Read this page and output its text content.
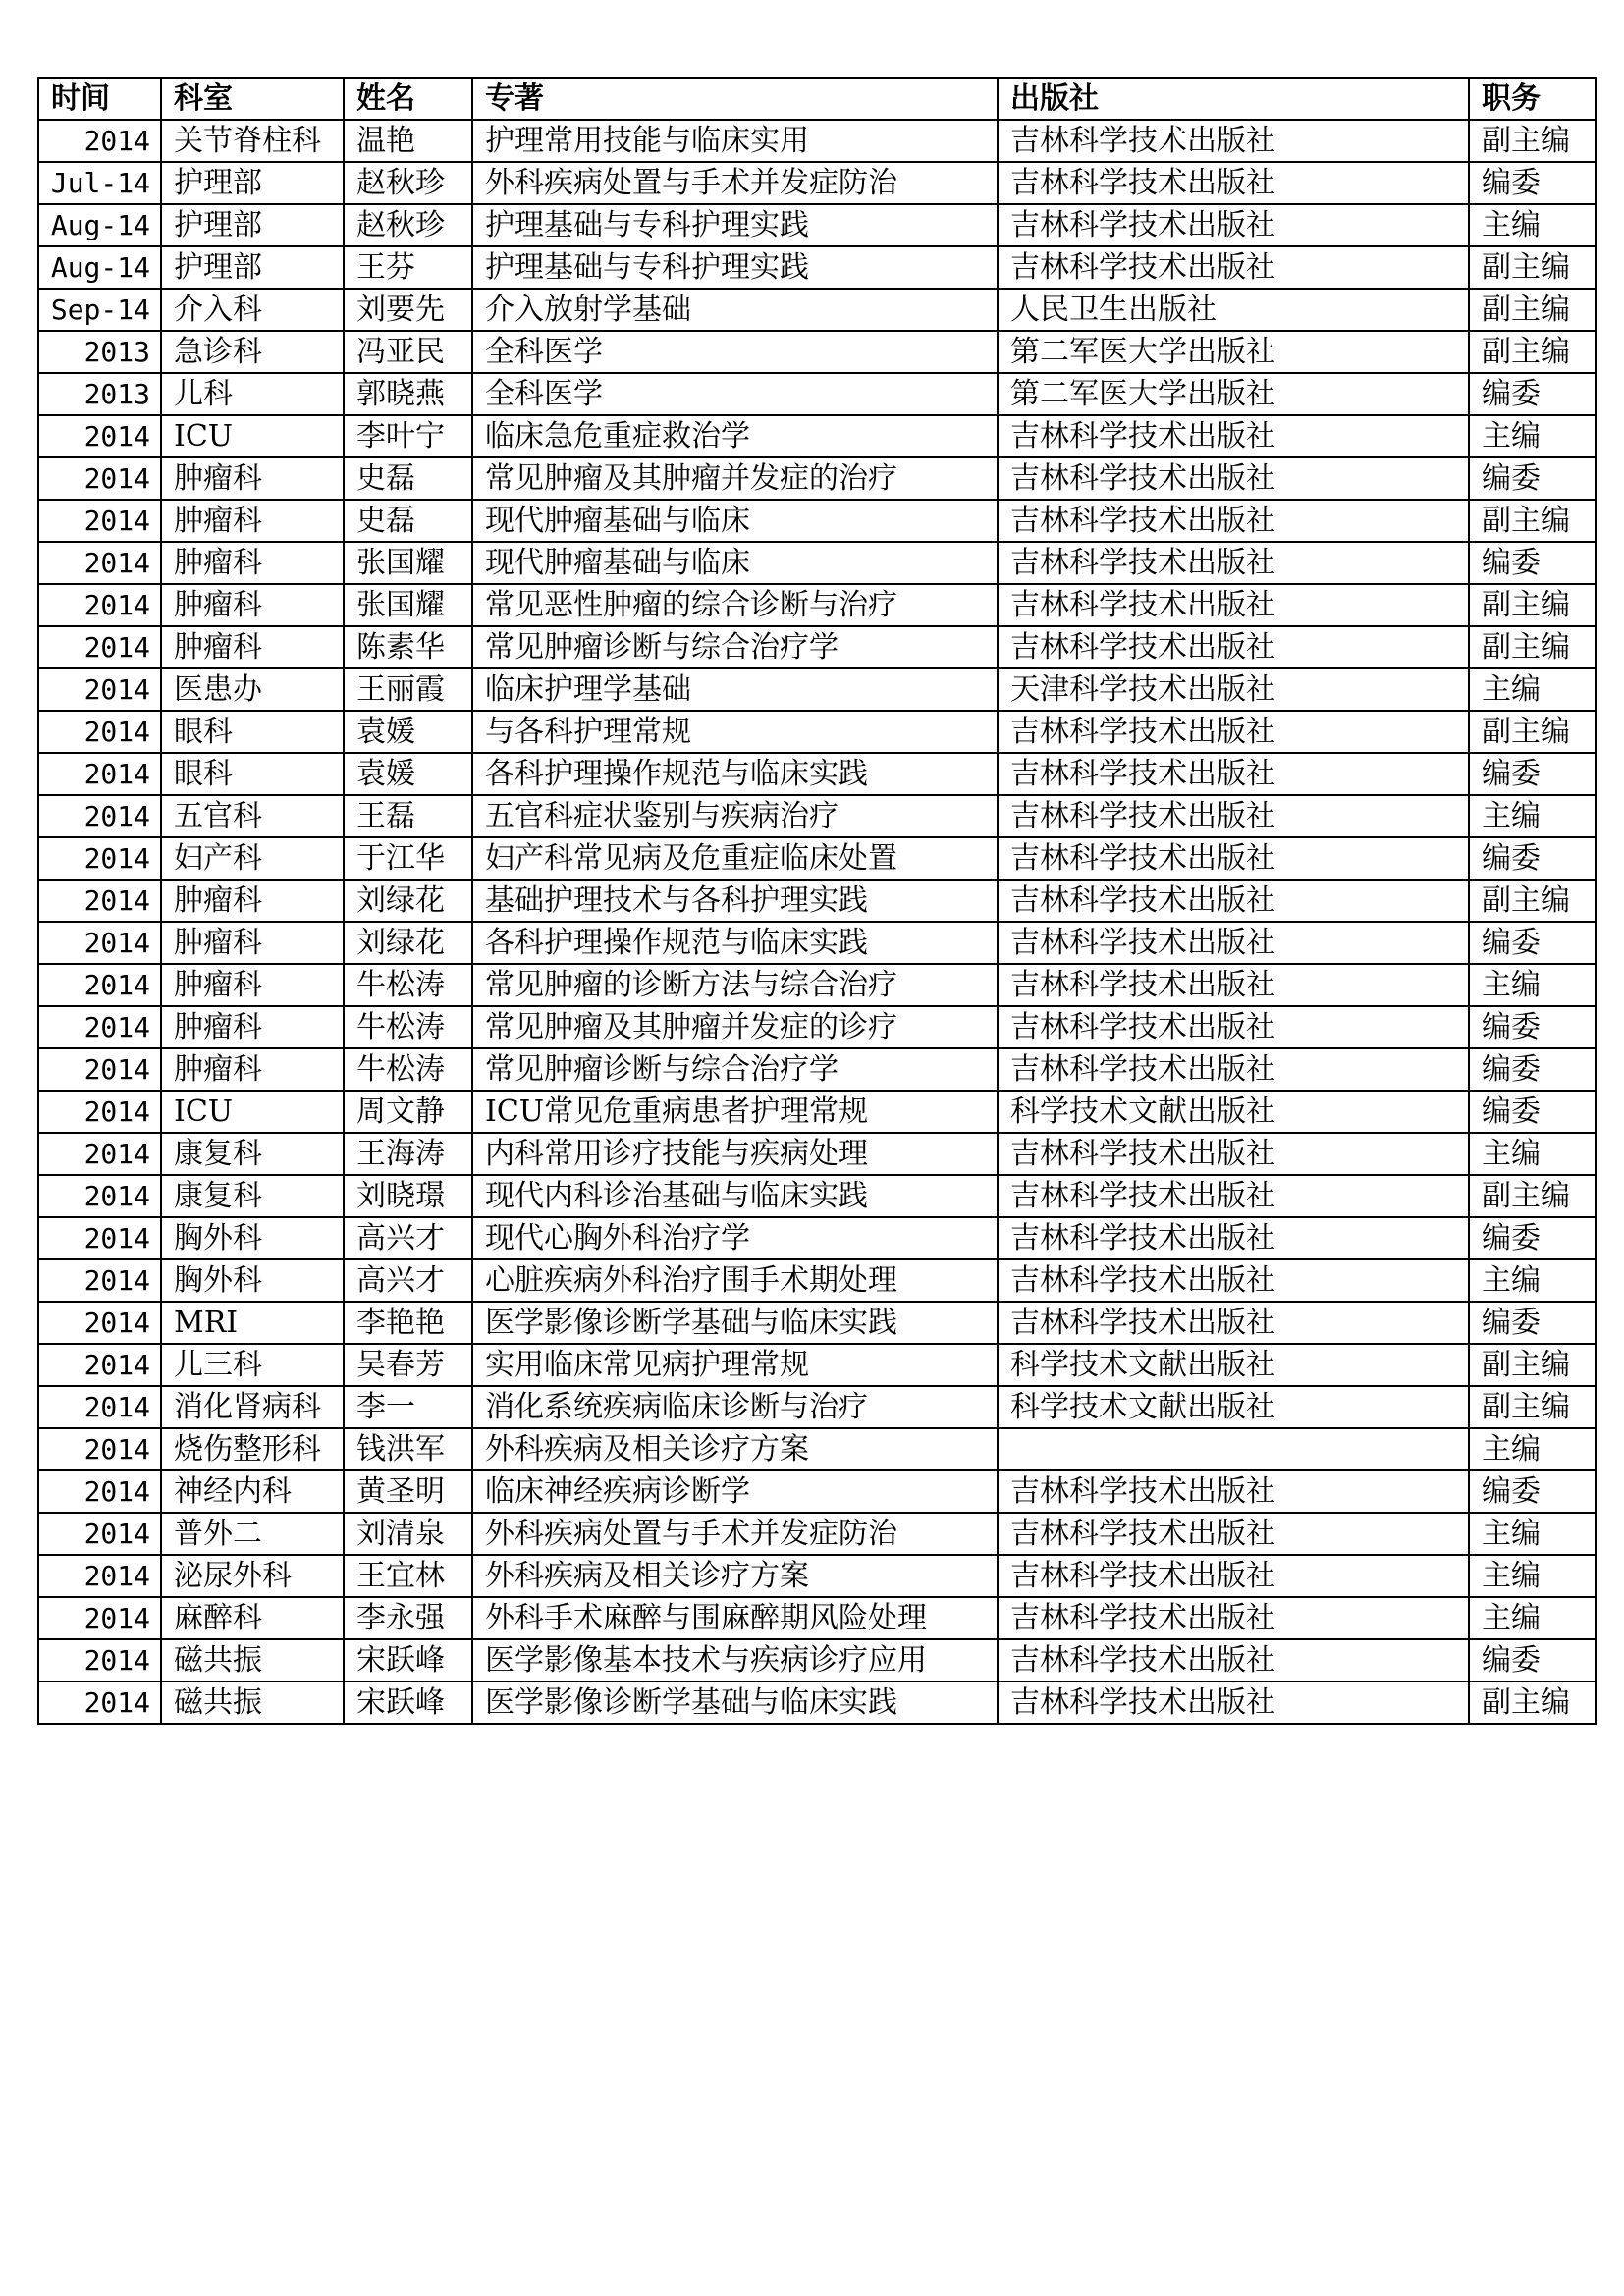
时间	科室	姓名	专著	出版社	职务
2014	关节脊柱科	温艳	护理常用技能与临床实用	吉林科学技术出版社	副主编
Jul-14	护理部	赵秋珍	外科疾病处置与手术并发症防治	吉林科学技术出版社	编委
Aug-14	护理部	赵秋珍	护理基础与专科护理实践	吉林科学技术出版社	主编
Aug-14	护理部	王芬	护理基础与专科护理实践	吉林科学技术出版社	副主编
Sep-14	介入科	刘要先	介入放射学基础	人民卫生出版社	副主编
2013	急诊科	冯亚民	全科医学	第二军医大学出版社	副主编
2013	儿科	郭晓燕	全科医学	第二军医大学出版社	编委
2014	ICU	李叶宁	临床急危重症救治学	吉林科学技术出版社	主编
2014	肿瘤科	史磊	常见肿瘤及其肿瘤并发症的治疗	吉林科学技术出版社	编委
2014	肿瘤科	史磊	现代肿瘤基础与临床	吉林科学技术出版社	副主编
2014	肿瘤科	张国耀	现代肿瘤基础与临床	吉林科学技术出版社	编委
2014	肿瘤科	张国耀	常见恶性肿瘤的综合诊断与治疗	吉林科学技术出版社	副主编
2014	肿瘤科	陈素华	常见肿瘤诊断与综合治疗学	吉林科学技术出版社	副主编
2014	医患办	王丽霞	临床护理学基础	天津科学技术出版社	主编
2014	眼科	袁媛	与各科护理常规	吉林科学技术出版社	副主编
2014	眼科	袁媛	各科护理操作规范与临床实践	吉林科学技术出版社	编委
2014	五官科	王磊	五官科症状鉴别与疾病治疗	吉林科学技术出版社	主编
2014	妇产科	于江华	妇产科常见病及危重症临床处置	吉林科学技术出版社	编委
2014	肿瘤科	刘绿花	基础护理技术与各科护理实践	吉林科学技术出版社	副主编
2014	肿瘤科	刘绿花	各科护理操作规范与临床实践	吉林科学技术出版社	编委
2014	肿瘤科	牛松涛	常见肿瘤的诊断方法与综合治疗	吉林科学技术出版社	主编
2014	肿瘤科	牛松涛	常见肿瘤及其肿瘤并发症的诊疗	吉林科学技术出版社	编委
2014	肿瘤科	牛松涛	常见肿瘤诊断与综合治疗学	吉林科学技术出版社	编委
2014	ICU	周文静	ICU常见危重病患者护理常规	科学技术文献出版社	编委
2014	康复科	王海涛	内科常用诊疗技能与疾病处理	吉林科学技术出版社	主编
2014	康复科	刘晓璟	现代内科诊治基础与临床实践	吉林科学技术出版社	副主编
2014	胸外科	高兴才	现代心胸外科治疗学	吉林科学技术出版社	编委
2014	胸外科	高兴才	心脏疾病外科治疗围手术期处理	吉林科学技术出版社	主编
2014	MRI	李艳艳	医学影像诊断学基础与临床实践	吉林科学技术出版社	编委
2014	儿三科	吴春芳	实用临床常见病护理常规	科学技术文献出版社	副主编
2014	消化肾病科	李一	消化系统疾病临床诊断与治疗	科学技术文献出版社	副主编
2014	烧伤整形科	钱洪军	外科疾病及相关诊疗方案		主编
2014	神经内科	黄圣明	临床神经疾病诊断学	吉林科学技术出版社	编委
2014	普外二	刘清泉	外科疾病处置与手术并发症防治	吉林科学技术出版社	主编
2014	泌尿外科	王宜林	外科疾病及相关诊疗方案	吉林科学技术出版社	主编
2014	麻醉科	李永强	外科手术麻醉与围麻醉期风险处理	吉林科学技术出版社	主编
2014	磁共振	宋跃峰	医学影像基本技术与疾病诊疗应用	吉林科学技术出版社	编委
2014	磁共振	宋跃峰	医学影像诊断学基础与临床实践	吉林科学技术出版社	副主编
